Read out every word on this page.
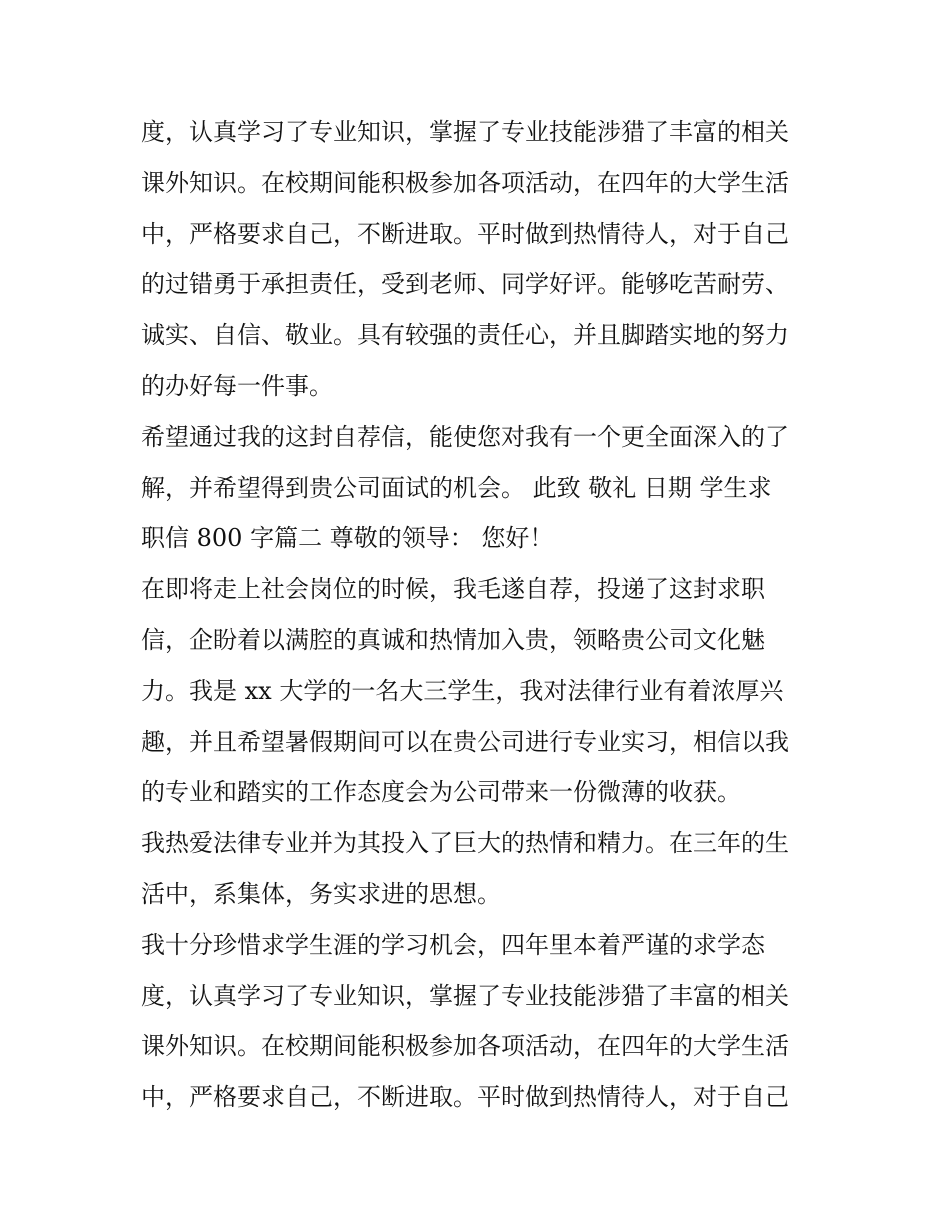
度，认真学习了专业知识，掌握了专业技能涉猎了丰富的相关
课外知识。在校期间能积极参加各项活动，在四年的大学生活
中，严格要求自己，不断进取。平时做到热情待人，对于自己
的过错勇于承担责任，受到老师、同学好评。能够吃苦耐劳、
诚实、自信、敬业。具有较强的责任心，并且脚踏实地的努力
的办好每一件事。
希望通过我的这封自荐信，能使您对我有一个更全面深入的了
解，并希望得到贵公司面试的机会。 此致 敬礼 日期 学生求
职信 800 字篇二 尊敬的领导： 您好！
在即将走上社会岗位的时候，我毛遂自荐，投递了这封求职
信，企盼着以满腔的真诚和热情加入贵，领略贵公司文化魅
力。我是 xx 大学的一名大三学生，我对法律行业有着浓厚兴
趣，并且希望暑假期间可以在贵公司进行专业实习，相信以我
的专业和踏实的工作态度会为公司带来一份微薄的收获。
我热爱法律专业并为其投入了巨大的热情和精力。在三年的生
活中，系集体，务实求进的思想。
我十分珍惜求学生涯的学习机会，四年里本着严谨的求学态
度，认真学习了专业知识，掌握了专业技能涉猎了丰富的相关
课外知识。在校期间能积极参加各项活动，在四年的大学生活
中，严格要求自己，不断进取。平时做到热情待人，对于自己
